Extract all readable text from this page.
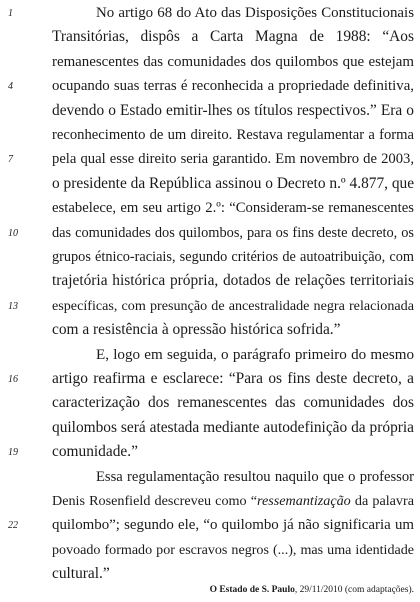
1	No artigo 68 do Ato das Disposições Constitucionais
Transitórias, dispôs a Carta Magna de 1988: “Aos
remanescentes das comunidades dos quilombos que estejam
4	ocupando suas terras é reconhecida a propriedade definitiva,
devendo o Estado emitir-lhes os títulos respectivos.” Era o
reconhecimento de um direito. Restava regulamentar a forma
7	pela qual esse direito seria garantido. Em novembro de 2003,
o presidente da República assinou o Decreto n.º 4.877, que
estabelece, em seu artigo 2.º: “Consideram-se remanescentes
10	das comunidades dos quilombos, para os fins deste decreto, os
grupos étnico-raciais, segundo critérios de autoatribuição, com
trajetória histórica própria, dotados de relações territoriais
13	específicas, com presunção de ancestralidade negra relacionada
com a resistência à opressão histórica sofrida.”
E, logo em seguida, o parágrafo primeiro do mesmo
16	artigo reafirma e esclarece: “Para os fins deste decreto, a
caracterização dos remanescentes das comunidades dos
quilombos será atestada mediante autodefinição da própria
19	comunidade.”
Essa regulamentação resultou naquilo que o professor
Denis Rosenfield descreveu como “ressemantização da palavra
22	quilombo”; segundo ele, “o quilombo já não significaria um
povoado formado por escravos negros (...), mas uma identidade
cultural.”
O Estado de S. Paulo, 29/11/2010 (com adaptações).
